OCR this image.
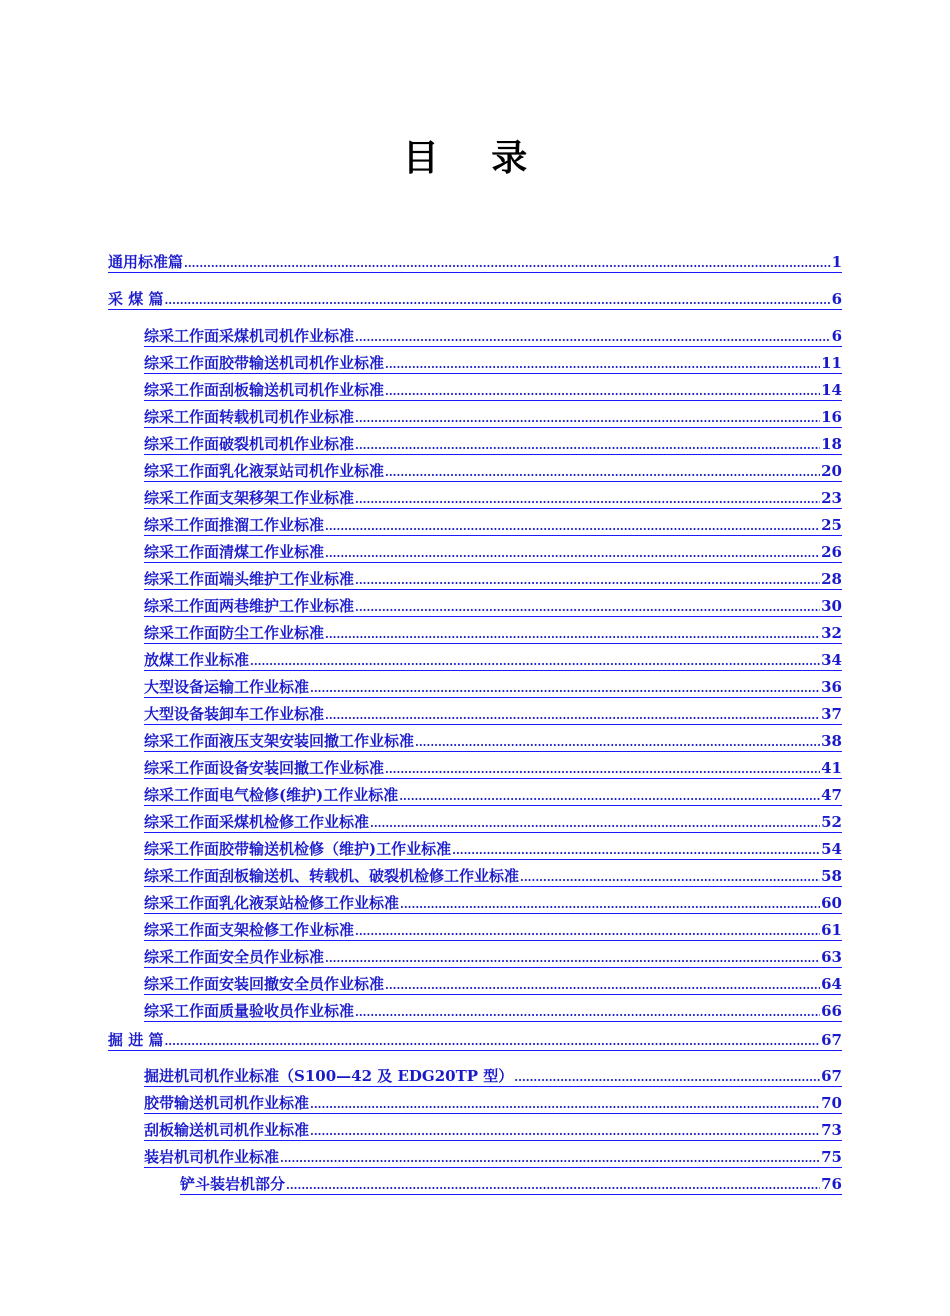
目 录
通用标准篇 .....	1
采 煤 篇 .....	6
综采工作面采煤机司机作业标准 .....	6
综采工作面胶带输送机司机作业标准 .....	11
综采工作面刮板输送机司机作业标准 .....	14
综采工作面转载机司机作业标准 .....	16
综采工作面破裂机司机作业标准 .....	18
综采工作面乳化液泵站司机作业标准 .....	20
综采工作面支架移架工作业标准 .....	23
综采工作面推溜工作业标准 .....	25
综采工作面清煤工作业标准 .....	26
综采工作面端头维护工作业标准 .....	28
综采工作面两巷维护工作业标准 .....	30
综采工作面防尘工作业标准 .....	32
放煤工作业标准 .....	34
大型设备运输工作业标准 .....	36
大型设备装卸车工作业标准 .....	37
综采工作面液压支架安装回撤工作业标准 .....	38
综采工作面设备安装回撤工作业标准 .....	41
综采工作面电气检修(维护)工作业标准 .....	47
综采工作面采煤机检修工作业标准 .....	52
综采工作面胶带输送机检修（维护)工作业标准 .....	54
综采工作面刮板输送机、转载机、破裂机检修工作业标准 .....	58
综采工作面乳化液泵站检修工作业标准 .....	60
综采工作面支架检修工作业标准 .....	61
综采工作面安全员作业标准 .....	63
综采工作面安装回撤安全员作业标准 .....	64
综采工作面质量验收员作业标准 .....	66
掘 进 篇 .....	67
掘进机司机作业标准（S100—42 及 EDG20TP 型） .....	67
胶带输送机司机作业标准 .....	70
刮板输送机司机作业标准 .....	73
装岩机司机作业标准 .....	75
铲斗装岩机部分 .....	76
